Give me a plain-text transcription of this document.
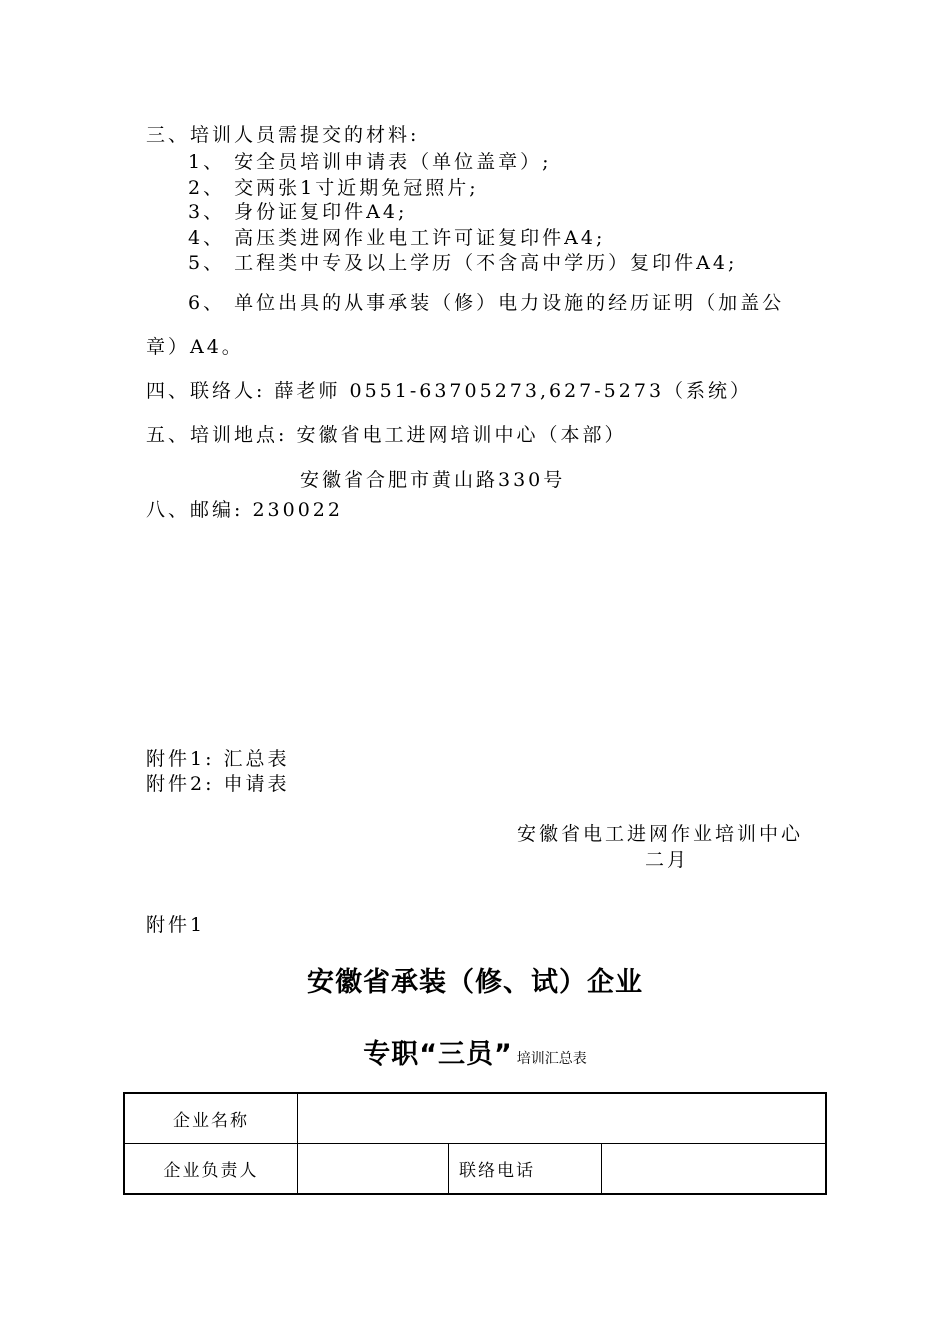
三、培训人员需提交的材料:
1、 安全员培训申请表（单位盖章）;
2、 交两张1寸近期免冠照片;
3、 身份证复印件A4;
4、 高压类进网作业电工许可证复印件A4;
5、 工程类中专及以上学历（不含高中学历）复印件A4;
6、 单位出具的从事承装（修）电力设施的经历证明（加盖公
章）A4。
四、联络人: 薛老师 0551-63705273,627-5273（系统）
五、培训地点: 安徽省电工进网培训中心（本部）
安徽省合肥市黄山路330号
八、邮编: 230022
附件1: 汇总表
附件2: 申请表
安徽省电工进网作业培训中心
二月
附件1
安徽省承装（修、试）企业
专职“三员” 培训汇总表
企业名称			
企业负责人		联络电话	
